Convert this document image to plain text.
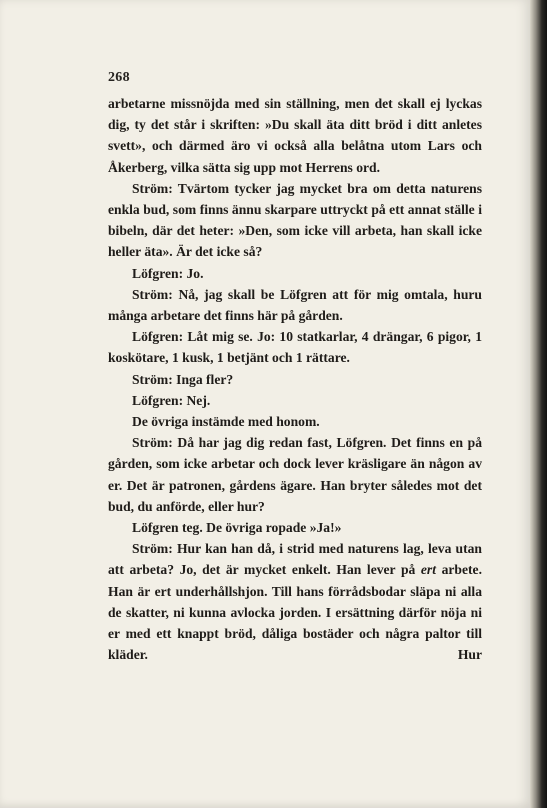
268

arbetarne missnöjda med sin ställning, men det skall ej lyckas dig, ty det står i skriften: »Du skall äta ditt bröd i ditt anletes svett», och därmed äro vi också alla belåtna utom Lars och Åkerberg, vilka sätta sig upp mot Herrens ord.

Ström: Tvärtom tycker jag mycket bra om detta naturens enkla bud, som finns ännu skarpare uttryckt på ett annat ställe i bibeln, där det heter: »Den, som icke vill arbeta, han skall icke heller äta». Är det icke så?

Löfgren: Jo.

Ström: Nå, jag skall be Löfgren att för mig omtala, huru många arbetare det finns här på gården.

Löfgren: Låt mig se. Jo: 10 statkarlar, 4 drängar, 6 pigor, 1 koskötare, 1 kusk, 1 betjänt och 1 rättare.

Ström: Inga fler?

Löfgren: Nej.

De övriga instämde med honom.

Ström: Då har jag dig redan fast, Löfgren. Det finns en på gården, som icke arbetar och dock lever kräsligare än någon av er. Det är patronen, gårdens ägare. Han bryter således mot det bud, du anförde, eller hur?

Löfgren teg. De övriga ropade »Ja!»

Ström: Hur kan han då, i strid med naturens lag, leva utan att arbeta? Jo, det är mycket enkelt. Han lever på ert arbete. Han är ert underhållshjon. Till hans förrådsbodar släpa ni alla de skatter, ni kunna avlocka jorden. I ersättning därför nöja ni er med ett knappt bröd, dåliga bostäder och några paltor till kläder. Hur
